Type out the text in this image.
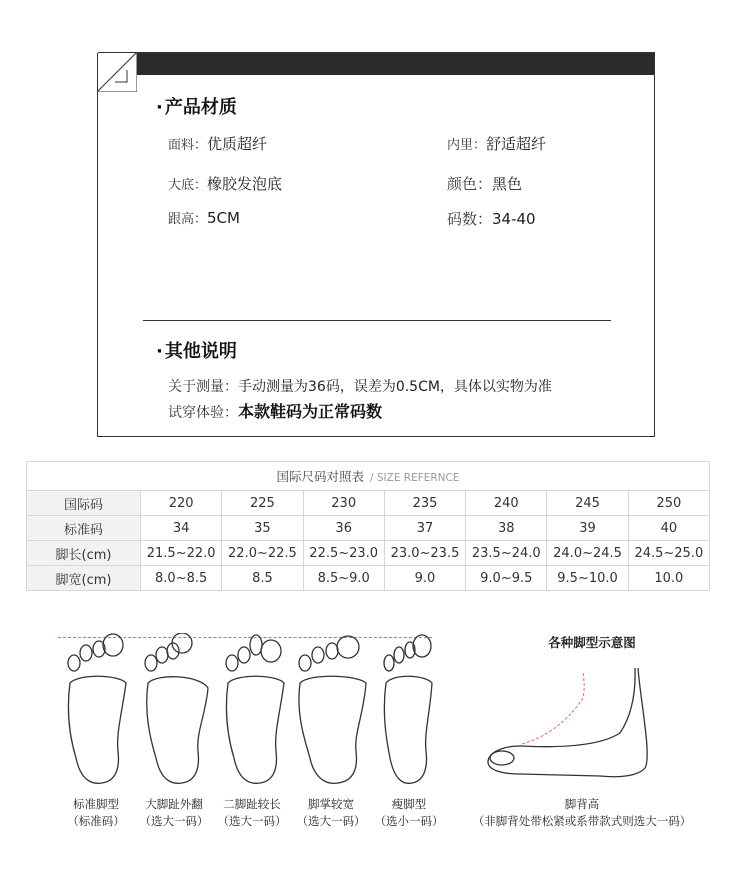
· 产品材质
面料：优质超纤	内里：舒适超纤
大底：橡胶发泡底	颜色：黑色
跟高：5CM	码数：34-40
· 其他说明
关于测量：手动测量为36码，误差为0.5CM，具体以实物为准
试穿体验：本款鞋码为正常码数
国际尺码对照表 / SIZE REFERNCE							
国际码	220	225	230	235	240	245	250
标准码	34	35	36	37	38	39	40
脚长(cm)	21.5~22.0	22.0~22.5	22.5~23.0	23.0~23.5	23.5~24.0	24.0~24.5	24.5~25.0
脚宽(cm)	8.0~8.5	8.5	8.5~9.0	9.0	9.0~9.5	9.5~10.0	10.0
标准脚型
（标准码）
大脚趾外翻
（选大一码）
二脚趾较长
（选大一码）
脚掌较宽
（选大一码）
瘦脚型
（选小一码）
各种脚型示意图
脚背高
（非脚背处带松紧或系带款式则选大一码）
